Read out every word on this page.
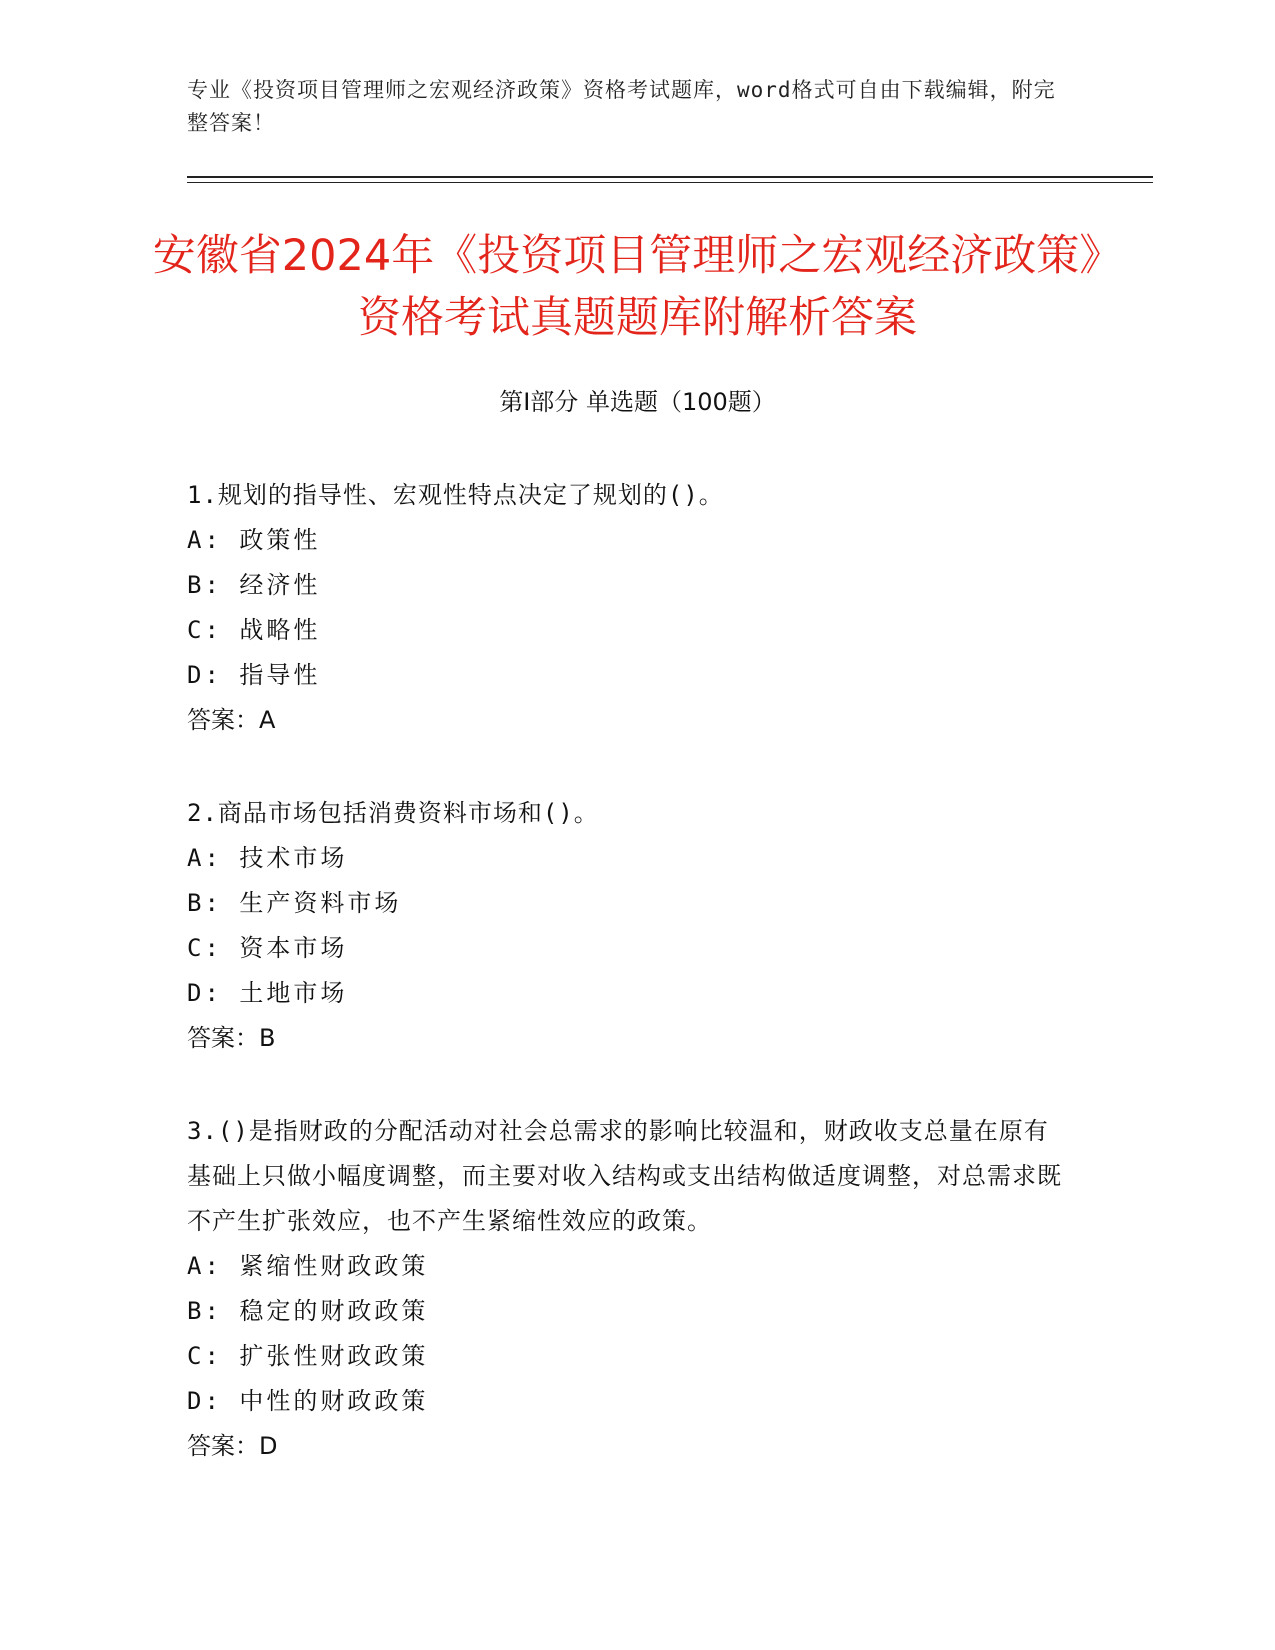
专业《投资项目管理师之宏观经济政策》资格考试题库，word格式可自由下载编辑，附完整答案！
安徽省2024年《投资项目管理师之宏观经济政策》资格考试真题题库附解析答案
第Ⅰ部分 单选题（100题）
1.规划的指导性、宏观性特点决定了规划的()。
A: 政策性
B: 经济性
C: 战略性
D: 指导性
答案：A
2.商品市场包括消费资料市场和()。
A: 技术市场
B: 生产资料市场
C: 资本市场
D: 土地市场
答案：B
3.()是指财政的分配活动对社会总需求的影响比较温和，财政收支总量在原有基础上只做小幅度调整，而主要对收入结构或支出结构做适度调整，对总需求既不产生扩张效应，也不产生紧缩性效应的政策。
A: 紧缩性财政政策
B: 稳定的财政政策
C: 扩张性财政政策
D: 中性的财政政策
答案：D
